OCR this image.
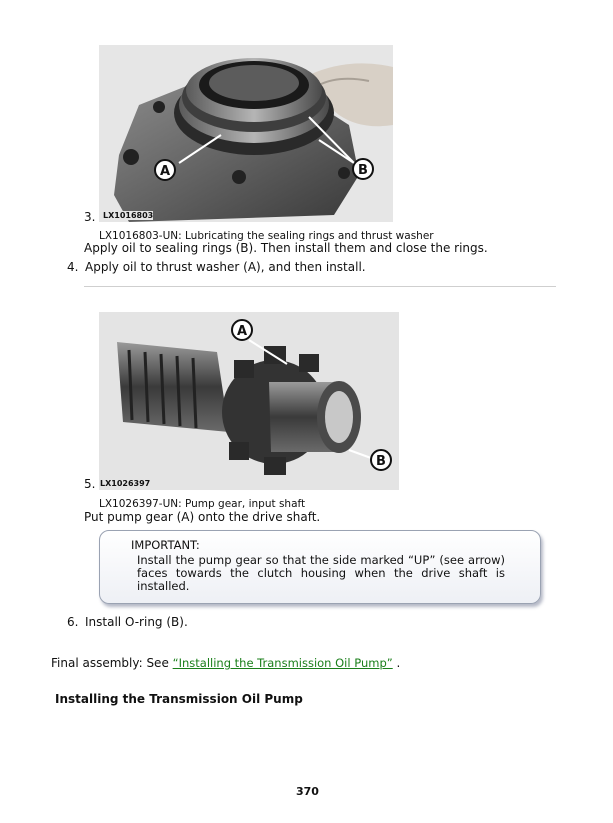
A	B
LX1016803
3.
LX1016803-UN: Lubricating the sealing rings and thrust washer
Apply oil to sealing rings (B). Then install them and close the rings.
4. Apply oil to thrust washer (A), and then install.
A
B
LX1026397
5.
LX1026397-UN: Pump gear, input shaft
Put pump gear (A) onto the drive shaft.
IMPORTANT:
Install the pump gear so that the side marked “UP” (see arrow) faces towards the clutch housing when the drive shaft is installed.
6. Install O-ring (B).
Final assembly: See “Installing the Transmission Oil Pump” .
Installing the Transmission Oil Pump
370
